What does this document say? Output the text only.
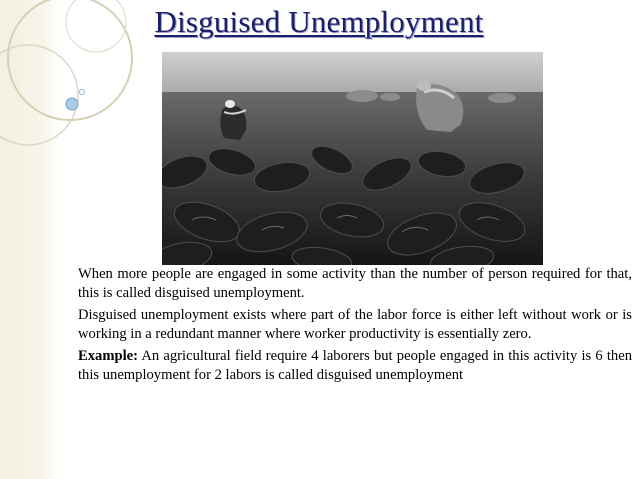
Disguised Unemployment

When more people are engaged in some activity than the number of person required for that, this is called disguised unemployment.

Disguised unemployment exists where part of the labor force is either left without work or is working in a redundant manner where worker productivity is essentially zero.

Example: An agricultural field require 4 laborers but people engaged in this activity is 6 then this unemployment for 2 labors is called disguised unemployment
